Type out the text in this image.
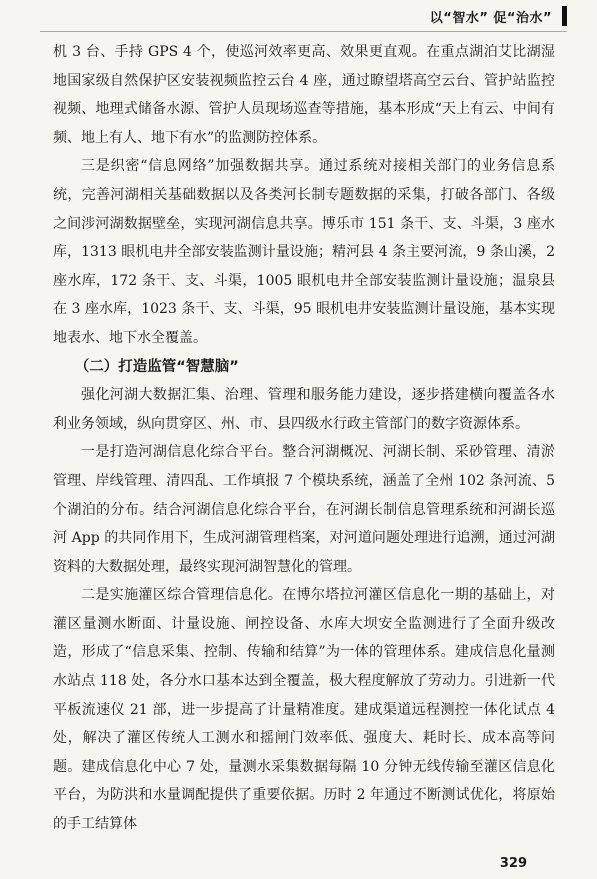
以“智水” 促“治水”

机 3 台、手持 GPS 4 个，使巡河效率更高、效果更直观。在重点湖泊艾比湖湿地国家级自然保护区安装视频监控云台 4 座，通过瞭望塔高空云台、管护站监控视频、地理式储备水源、管护人员现场巡查等措施，基本形成“天上有云、中间有频、地上有人、地下有水”的监测防控体系。

三是织密“信息网络”加强数据共享。通过系统对接相关部门的业务信息系统，完善河湖相关基础数据以及各类河长制专题数据的采集，打破各部门、各级之间涉河湖数据壁垒，实现河湖信息共享。博乐市 151 条干、支、斗渠，3 座水库，1313 眼机电井全部安装监测计量设施；精河县 4 条主要河流，9 条山溪，2 座水库，172 条干、支、斗渠，1005 眼机电井全部安装监测计量设施；温泉县在 3 座水库，1023 条干、支、斗渠，95 眼机电井安装监测计量设施，基本实现地表水、地下水全覆盖。

（二）打造监管“智慧脑”

强化河湖大数据汇集、治理、管理和服务能力建设，逐步搭建横向覆盖各水利业务领域，纵向贯穿区、州、市、县四级水行政主管部门的数字资源体系。

一是打造河湖信息化综合平台。整合河湖概况、河湖长制、采砂管理、清淤管理、岸线管理、清四乱、工作填报 7 个模块系统，涵盖了全州 102 条河流、5 个湖泊的分布。结合河湖信息化综合平台，在河湖长制信息管理系统和河湖长巡河 App 的共同作用下，生成河湖管理档案，对河道问题处理进行追溯，通过河湖资料的大数据处理，最终实现河湖智慧化的管理。

二是实施灌区综合管理信息化。在博尔塔拉河灌区信息化一期的基础上，对灌区量测水断面、计量设施、闸控设备、水库大坝安全监测进行了全面升级改造，形成了“信息采集、控制、传输和结算”为一体的管理体系。建成信息化量测水站点 118 处，各分水口基本达到全覆盖，极大程度解放了劳动力。引进新一代平板流速仪 21 部，进一步提高了计量精准度。建成渠道远程测控一体化试点 4 处，解决了灌区传统人工测水和摇闸门效率低、强度大、耗时长、成本高等问题。建成信息化中心 7 处，量测水采集数据每隔 10 分钟无线传输至灌区信息化平台，为防洪和水量调配提供了重要依据。历时 2 年通过不断测试优化，将原始的手工结算体

329
